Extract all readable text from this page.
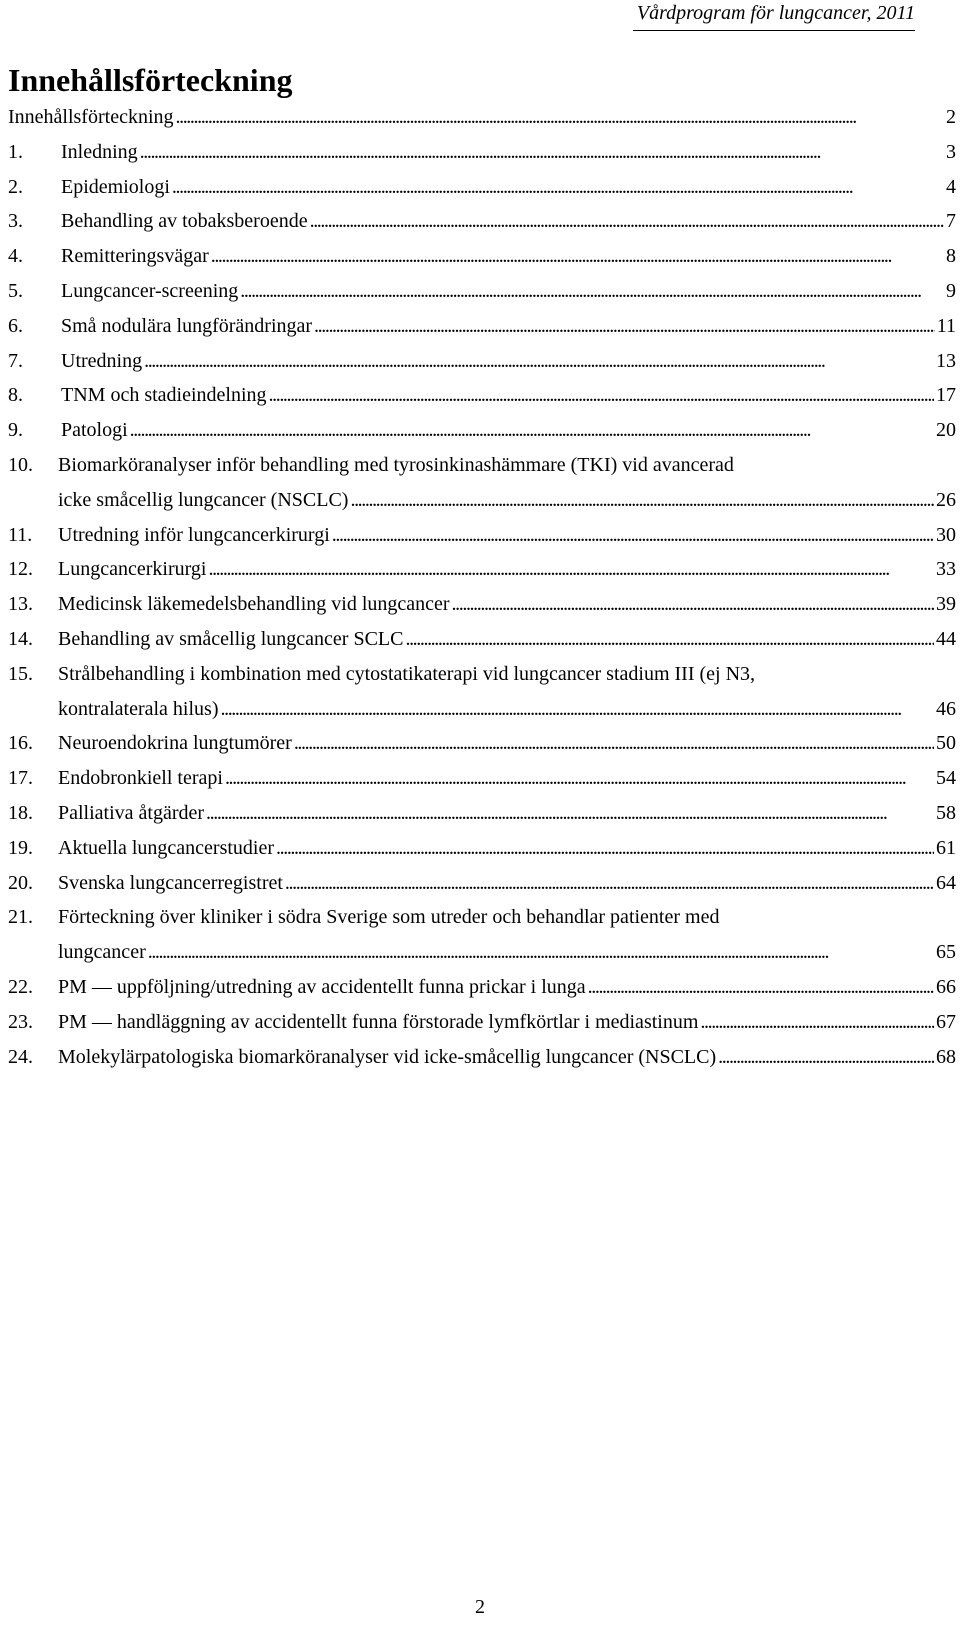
Vårdprogram för lungcancer, 2011
Innehållsförteckning
Innehållsförteckning . . .	2
1.	Inledning . . .	3
2.	Epidemiologi . . .	4
3.	Behandling av tobaksberoende . . .	7
4.	Remitteringsvägar . . .	8
5.	Lungcancer-screening . . .	9
6.	Små nodulära lungförändringar . . .	11
7.	Utredning . . .	13
8.	TNM och stadieindelning . . .	17
9.	Patologi . . .	20
10.	Biomarköranalyser inför behandling med tyrosinkinashämmare (TKI) vid avancerad
icke småcellig lungcancer (NSCLC) . . .	26
11.	Utredning inför lungcancerkirurgi . . .	30
12.	Lungcancerkirurgi . . .	33
13.	Medicinsk läkemedelsbehandling vid lungcancer . . .	39
14.	Behandling av småcellig lungcancer SCLC . . .	44
15.	Strålbehandling i kombination med cytostatikaterapi vid lungcancer stadium III (ej N3,
kontralaterala hilus) . . .	46
16.	Neuroendokrina lungtumörer . . .	50
17.	Endobronkiell terapi . . .	54
18.	Palliativa åtgärder . . .	58
19.	Aktuella lungcancerstudier . . .	61
20.	Svenska lungcancerregistret . . .	64
21.	Förteckning över kliniker i södra Sverige som utreder och behandlar patienter med
lungcancer . . .	65
22.	PM — uppföljning/utredning av accidentellt funna prickar i lunga . . .	66
23.	PM — handläggning av accidentellt funna förstorade lymfkörtlar i mediastinum . . .	67
24.	Molekylärpatologiska biomarköranalyser vid icke-småcellig lungcancer (NSCLC) . . .	68
2
